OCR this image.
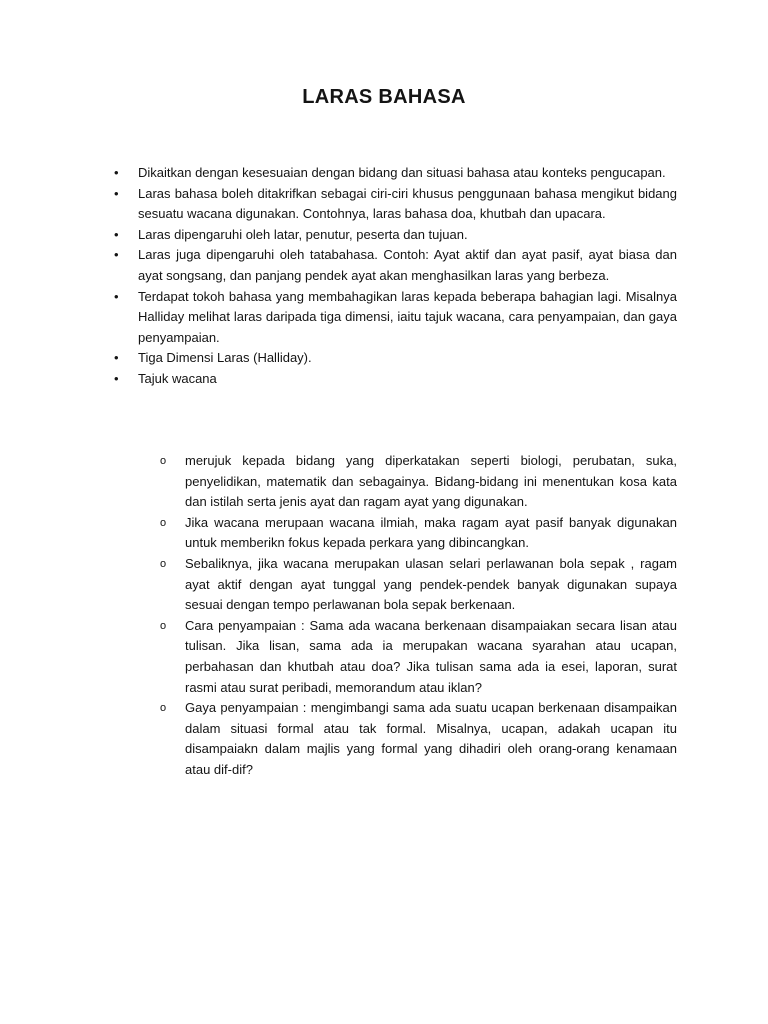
LARAS BAHASA
• Dikaitkan dengan kesesuaian dengan bidang dan situasi bahasa atau konteks pengucapan.
• Laras bahasa boleh ditakrifkan sebagai ciri-ciri khusus penggunaan bahasa mengikut bidang sesuatu wacana digunakan. Contohnya, laras bahasa doa, khutbah dan upacara.
• Laras dipengaruhi oleh latar, penutur, peserta dan tujuan.
• Laras juga dipengaruhi oleh tatabahasa. Contoh: Ayat aktif dan ayat pasif, ayat biasa dan ayat songsang, dan panjang pendek ayat akan menghasilkan laras yang berbeza.
• Terdapat tokoh bahasa yang membahagikan laras kepada beberapa bahagian lagi. Misalnya Halliday melihat laras daripada tiga dimensi, iaitu tajuk wacana, cara penyampaian, dan gaya penyampaian.
• Tiga Dimensi Laras (Halliday).
• Tajuk wacana
o merujuk kepada bidang yang diperkatakan seperti biologi, perubatan, suka, penyelidikan, matematik dan sebagainya. Bidang-bidang ini menentukan kosa kata dan istilah serta jenis ayat dan ragam ayat yang digunakan.
o Jika wacana merupaan wacana ilmiah, maka ragam ayat pasif banyak digunakan untuk memberikn fokus kepada perkara yang dibincangkan.
o Sebaliknya, jika wacana merupakan ulasan selari perlawanan bola sepak , ragam ayat aktif dengan ayat tunggal yang pendek-pendek banyak digunakan supaya sesuai dengan tempo perlawanan bola sepak berkenaan.
o Cara penyampaian : Sama ada wacana berkenaan disampaiakan secara lisan atau tulisan. Jika lisan, sama ada ia merupakan wacana syarahan atau ucapan, perbahasan dan khutbah atau doa? Jika tulisan sama ada ia esei, laporan, surat rasmi atau surat peribadi, memorandum atau iklan?
o Gaya penyampaian : mengimbangi sama ada suatu ucapan berkenaan disampaikan dalam situasi formal atau tak formal. Misalnya, ucapan, adakah ucapan itu disampaiakn dalam majlis yang formal yang dihadiri oleh orang-orang kenamaan atau dif-dif?
